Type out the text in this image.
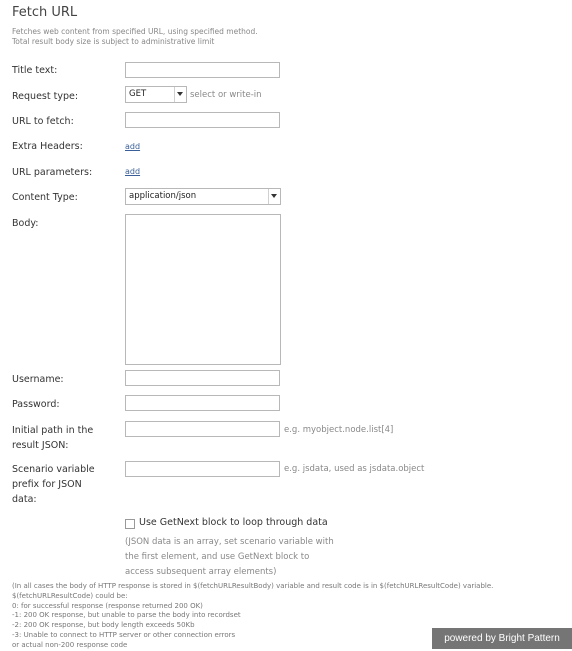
Fetch URL
Fetches web content from specified URL, using specified method.
Total result body size is subject to administrative limit
Title text:
Request type:	GET	select or write-in
URL to fetch:
Extra Headers:	add
URL parameters:	add
Content Type:	application/json
Body:
Username:
Password:
Initial path in the
result JSON:
e.g. myobject.node.list[4]
Scenario variable
prefix for JSON
data:
e.g. jsdata, used as jsdata.object
Use GetNext block to loop through data
(JSON data is an array, set scenario variable with
the first element, and use GetNext block to
access subsequent array elements)
(In all cases the body of HTTP response is stored in $(fetchURLResultBody) variable and result code is in $(fetchURLResultCode) variable.
$(fetchURLResultCode) could be:
0: for successful response (response returned 200 OK)
-1: 200 OK response, but unable to parse the body into recordset
-2: 200 OK response, but body length exceeds 50Kb
-3: Unable to connect to HTTP server or other connection errors
or actual non-200 response code
powered by Bright Pattern
